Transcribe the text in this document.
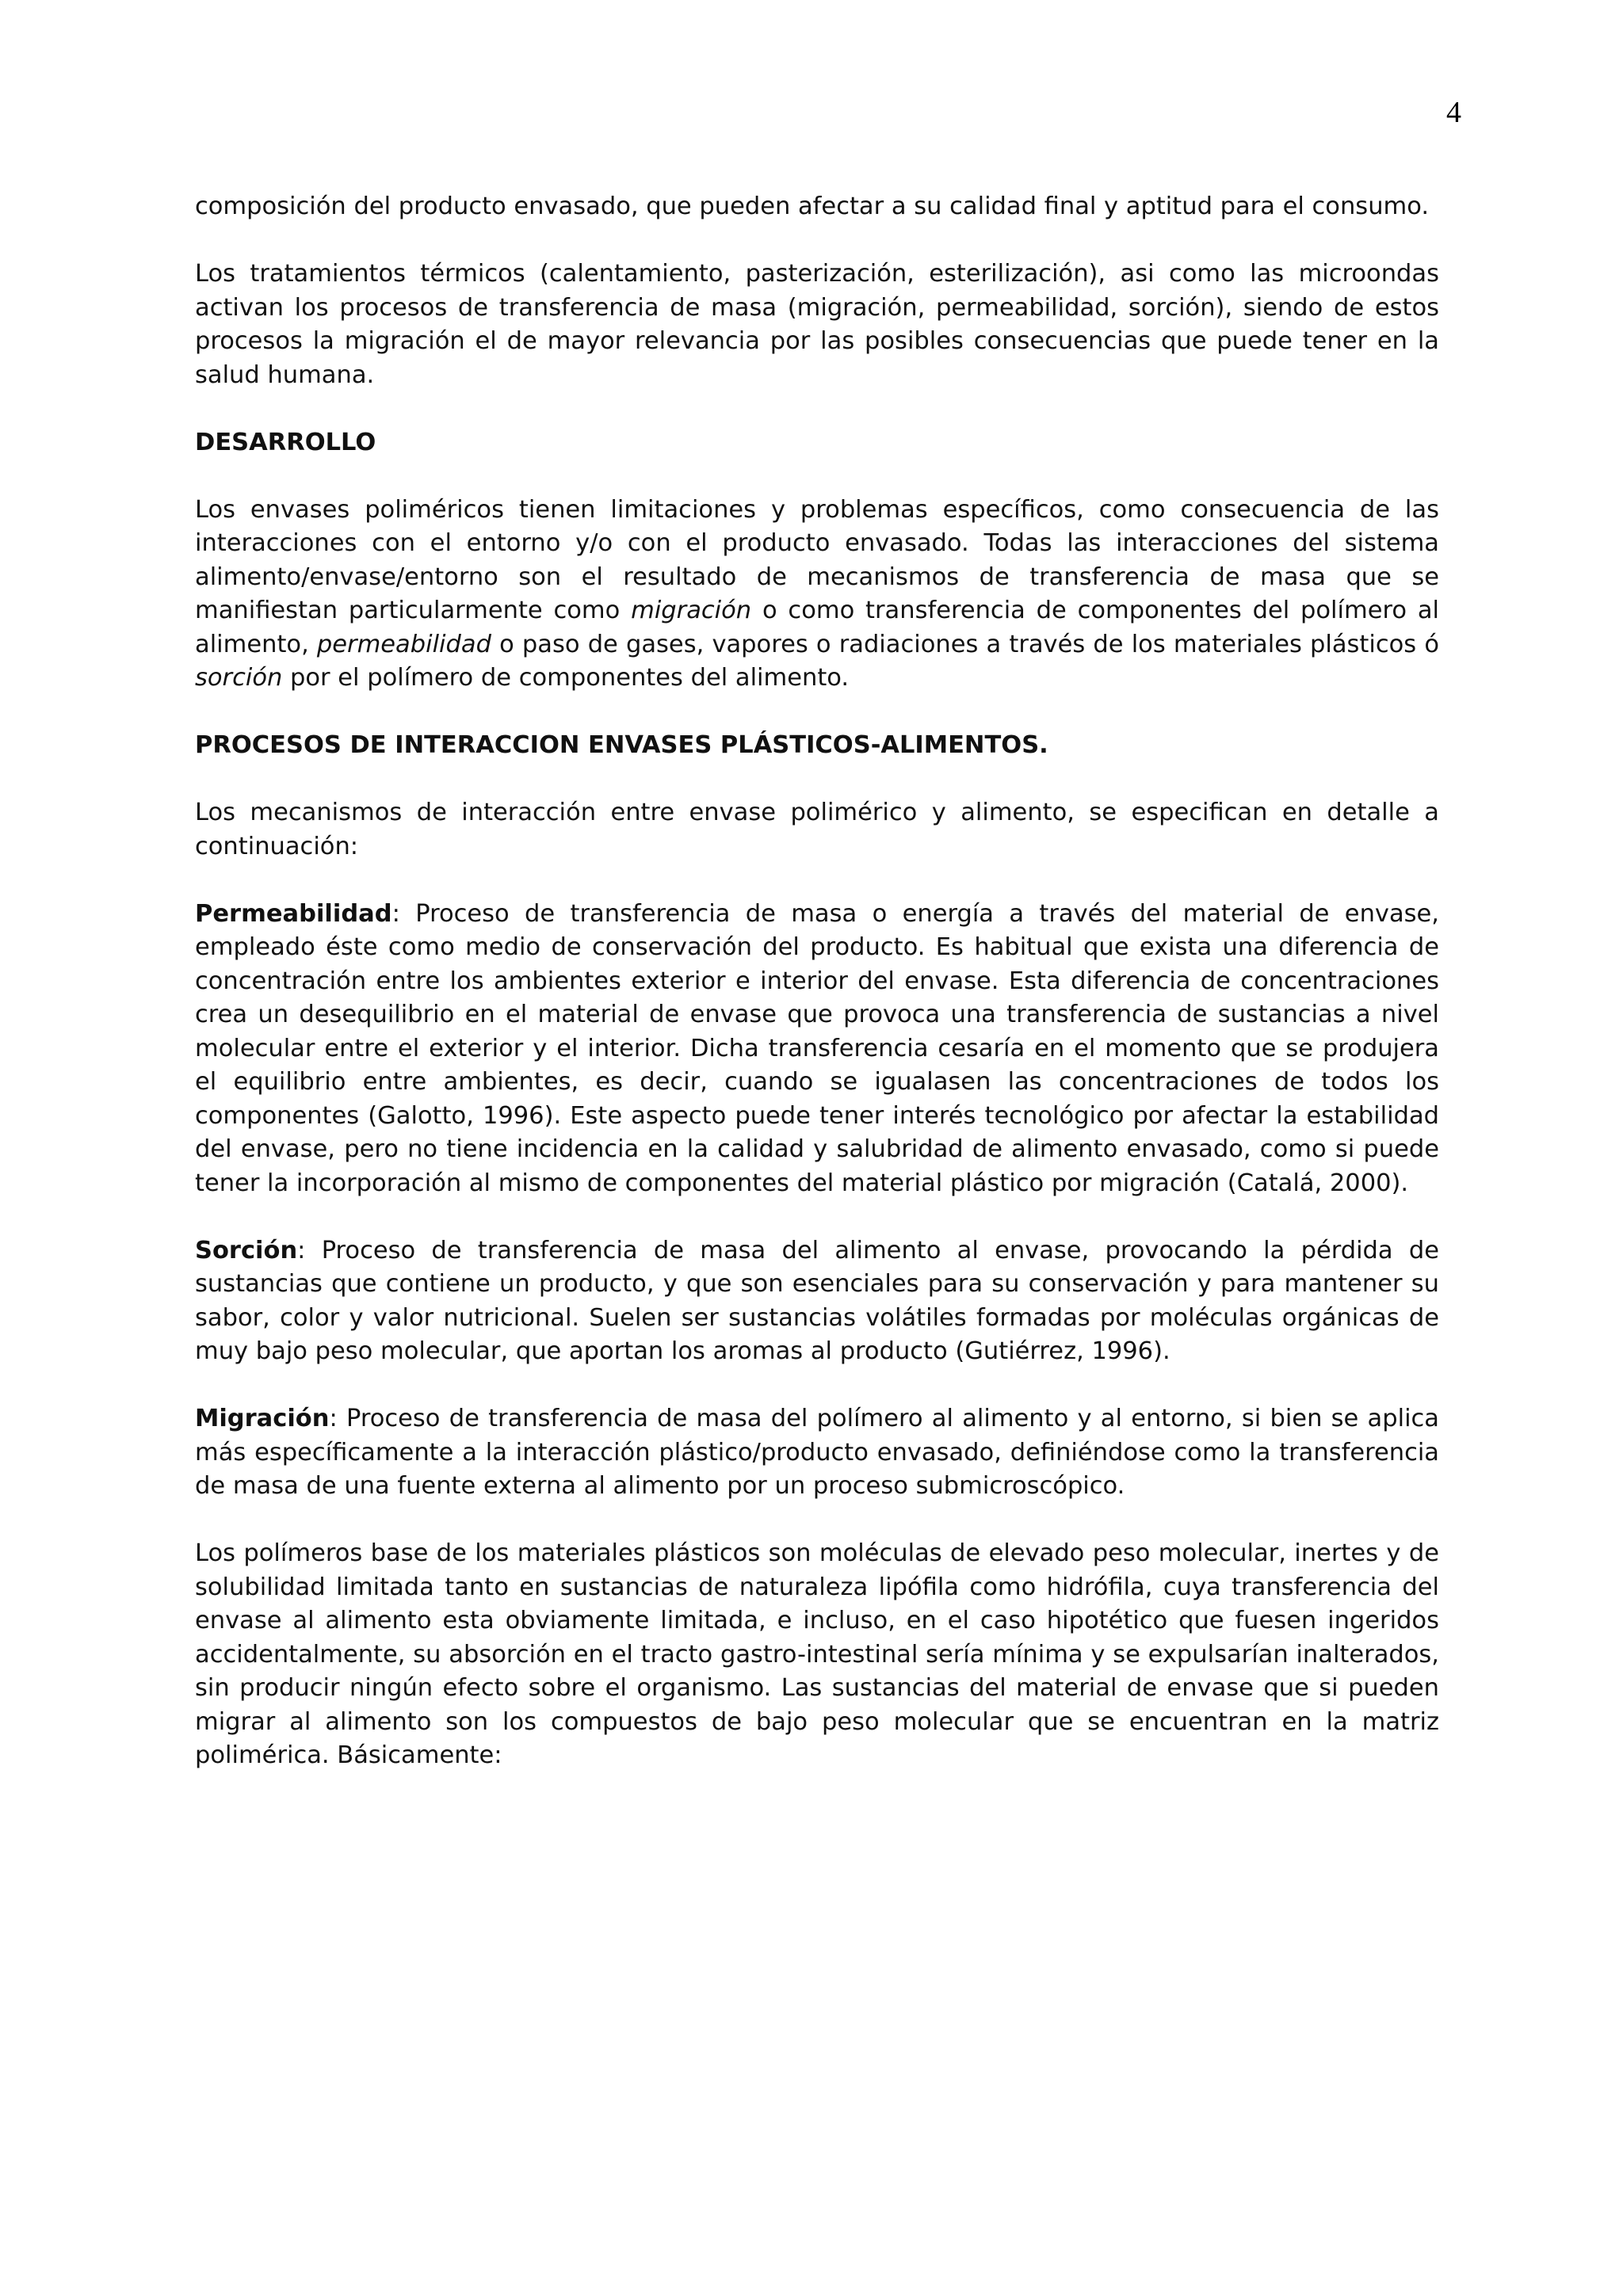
4

composición del producto envasado, que pueden afectar a su calidad final y aptitud para el consumo.

Los tratamientos térmicos (calentamiento, pasterización, esterilización), asi como las microondas activan los procesos de transferencia de masa (migración, permeabilidad, sorción), siendo de estos procesos la migración el de mayor relevancia por las posibles consecuencias que puede tener en la salud humana.

DESARROLLO

Los envases poliméricos tienen limitaciones y problemas específicos, como consecuencia de las interacciones con el entorno y/o con el producto envasado. Todas las interacciones del sistema alimento/envase/entorno son el resultado de mecanismos de transferencia de masa que se manifiestan particularmente como migración o como transferencia de componentes del polímero al alimento, permeabilidad o paso de gases, vapores o radiaciones a través de los materiales plásticos ó sorción por el polímero de componentes del alimento.

PROCESOS DE INTERACCION ENVASES PLÁSTICOS-ALIMENTOS.

Los mecanismos de interacción entre envase polimérico y alimento, se especifican en detalle a continuación:

Permeabilidad: Proceso de transferencia de masa o energía a través del material de envase, empleado éste como medio de conservación del producto. Es habitual que exista una diferencia de concentración entre los ambientes exterior e interior del envase. Esta diferencia de concentraciones crea un desequilibrio en el material de envase que provoca una transferencia de sustancias a nivel molecular entre el exterior y el interior. Dicha transferencia cesaría en el momento que se produjera el equilibrio entre ambientes, es decir, cuando se igualasen las concentraciones de todos los componentes (Galotto, 1996). Este aspecto puede tener interés tecnológico por afectar la estabilidad del envase, pero no tiene incidencia en la calidad y salubridad de alimento envasado, como si puede tener la incorporación al mismo de componentes del material plástico por migración (Catalá, 2000).

Sorción: Proceso de transferencia de masa del alimento al envase, provocando la pérdida de sustancias que contiene un producto, y que son esenciales para su conservación y para mantener su sabor, color y valor nutricional. Suelen ser sustancias volátiles formadas por moléculas orgánicas de muy bajo peso molecular, que aportan los aromas al producto (Gutiérrez, 1996).

Migración: Proceso de transferencia de masa del polímero al alimento y al entorno, si bien se aplica más específicamente a la interacción plástico/producto envasado, definiéndose como la transferencia de masa de una fuente externa al alimento por un proceso submicroscópico.

Los polímeros base de los materiales plásticos son moléculas de elevado peso molecular, inertes y de solubilidad limitada tanto en sustancias de naturaleza lipófila como hidrófila, cuya transferencia del envase al alimento esta obviamente limitada, e incluso, en el caso hipotético que fuesen ingeridos accidentalmente, su absorción en el tracto gastro-intestinal sería mínima y se expulsarían inalterados, sin producir ningún efecto sobre el organismo. Las sustancias del material de envase que si pueden migrar al alimento son los compuestos de bajo peso molecular que se encuentran en la matriz polimérica. Básicamente:
